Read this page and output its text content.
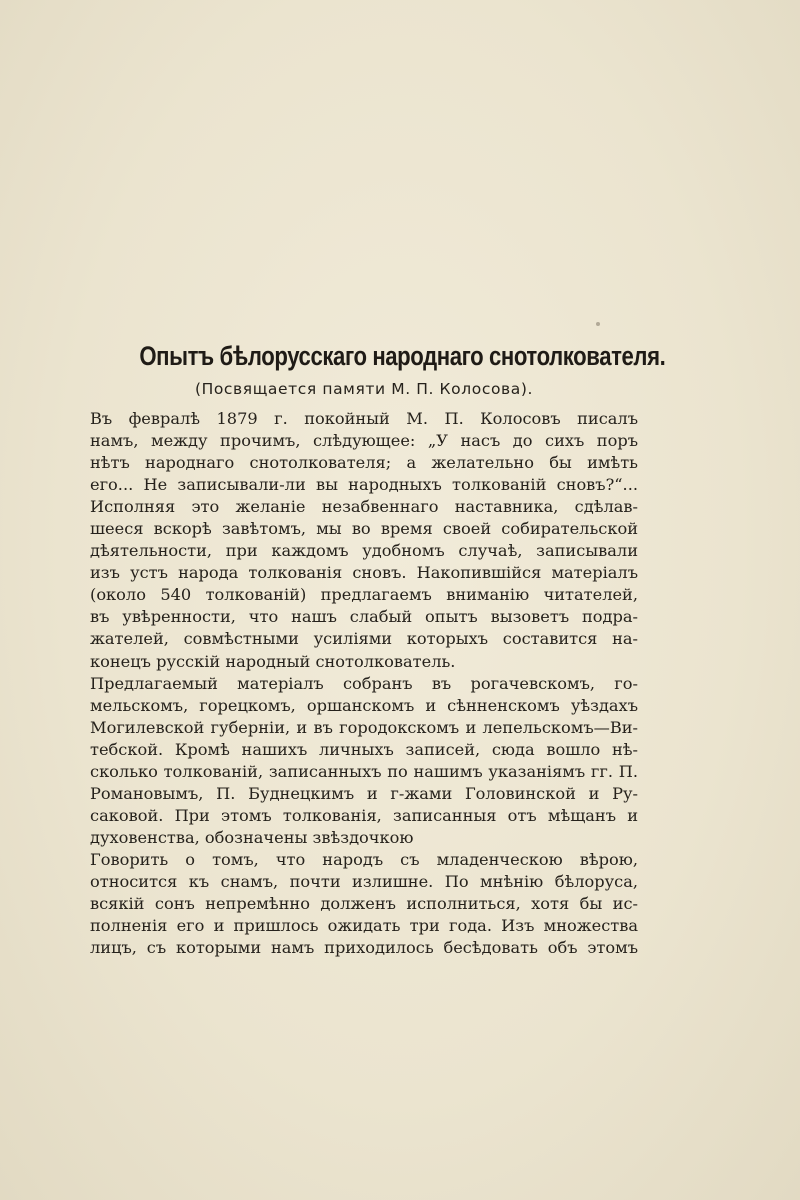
Опытъ бѣлорусскаго народнаго снотолкователя.
(Посвящается памяти М. П. Колосова).
Въ февралѣ 1879 г. покойный М. П. Колосовъ писалъ
намъ, между прочимъ, слѣдующее: „У насъ до сихъ поръ
нѣтъ народнаго снотолкователя; а желательно бы имѣть
его... Не записывали-ли вы народныхъ толкованій сновъ?“...
Исполняя это желаніе незабвеннаго наставника, сдѣлав-
шееся вскорѣ завѣтомъ, мы во время своей собирательской
дѣятельности, при каждомъ удобномъ случаѣ, записывали
изъ устъ народа толкованія сновъ. Накопившійся матеріалъ
(около 540 толкованій) предлагаемъ вниманію читателей,
въ увѣренности, что нашъ слабый опытъ вызоветъ подра-
жателей, совмѣстными усиліями которыхъ составится на-
конецъ русскій народный снотолкователь.
Предлагаемый матеріалъ собранъ въ рогачевскомъ, го-
мельскомъ, горецкомъ, оршанскомъ и сѣнненскомъ уѣздахъ
Могилевской губерніи, и въ городокскомъ и лепельскомъ—Ви-
тебской. Кромѣ нашихъ личныхъ записей, сюда вошло нѣ-
сколько толкованій, записанныхъ по нашимъ указаніямъ гг. П.
Романовымъ, П. Буднецкимъ и г-жами Головинской и Ру-
саковой. При этомъ толкованія, записанныя отъ мѣщанъ и
духовенства, обозначены звѣздочкою
Говорить о томъ, что народъ съ младенческою вѣрою,
относится къ снамъ, почти излишне. По мнѣнію бѣлоруса,
всякій сонъ непремѣнно долженъ исполниться, хотя бы ис-
полненія его и пришлось ожидать три года. Изъ множества
лицъ, съ которыми намъ приходилось бесѣдовать объ этомъ
